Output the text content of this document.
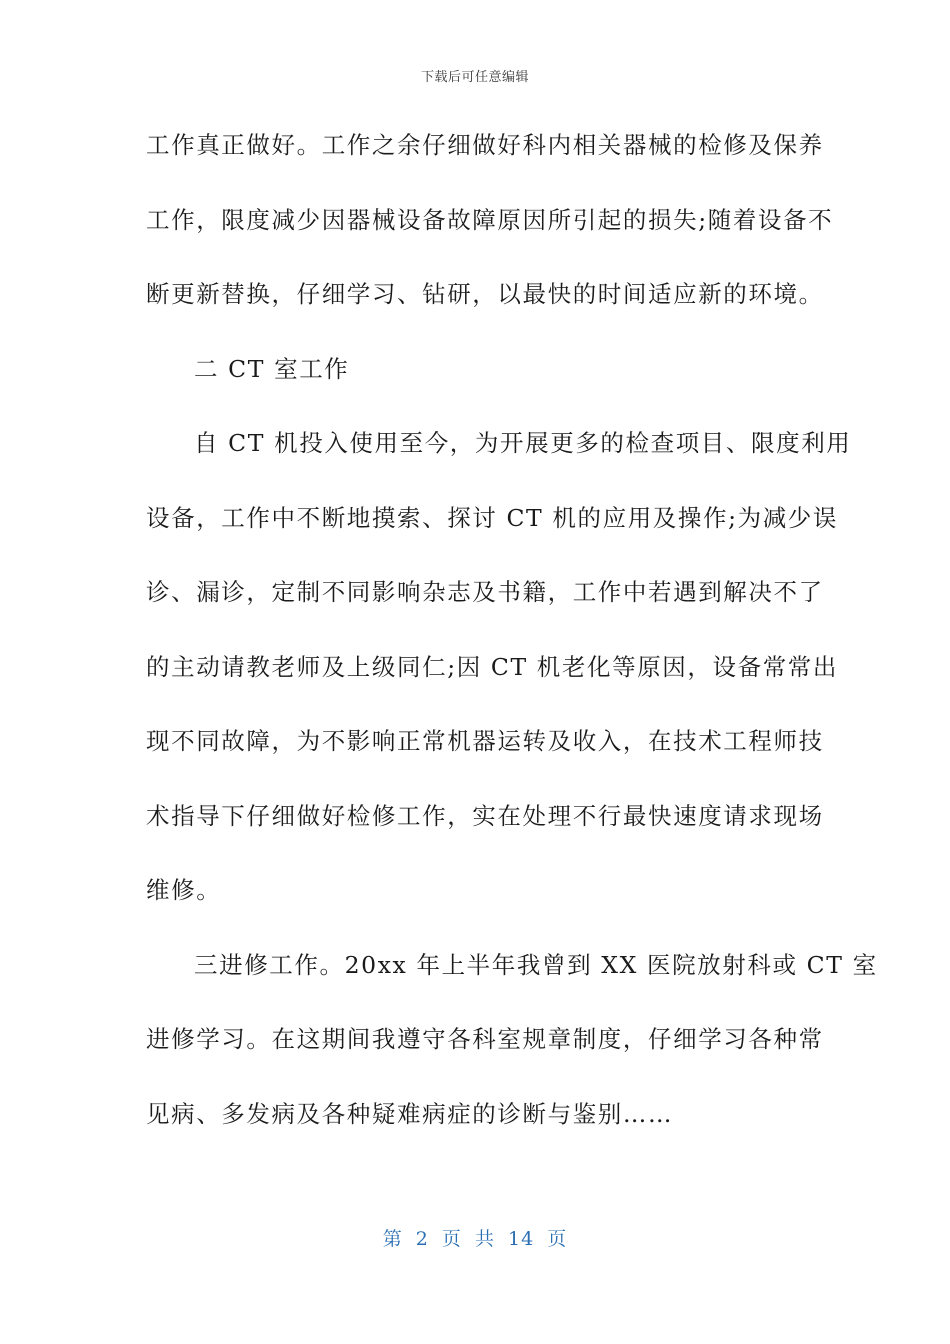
下载后可任意编辑
工作真正做好。工作之余仔细做好科内相关器械的检修及保养
工作，限度减少因器械设备故障原因所引起的损失;随着设备不
断更新替换，仔细学习、钻研，以最快的时间适应新的环境。
二 CT 室工作
自 CT 机投入使用至今，为开展更多的检查项目、限度利用
设备，工作中不断地摸索、探讨 CT 机的应用及操作;为减少误
诊、漏诊，定制不同影响杂志及书籍，工作中若遇到解决不了
的主动请教老师及上级同仁;因 CT 机老化等原因，设备常常出
现不同故障，为不影响正常机器运转及收入，在技术工程师技
术指导下仔细做好检修工作，实在处理不行最快速度请求现场
维修。
三进修工作。20xx 年上半年我曾到 XX 医院放射科或 CT 室
进修学习。在这期间我遵守各科室规章制度，仔细学习各种常
见病、多发病及各种疑难病症的诊断与鉴别……
第 2 页 共 14 页
